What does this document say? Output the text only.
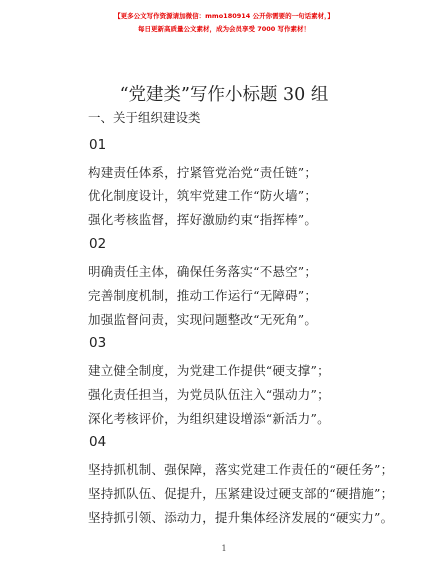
【更多公文写作资源请加微信：mmo180914 公开你需要的一句话素材，】
每日更新高质量公文素材，成为会员享受 7000 写作素材！
“党建类”写作小标题 30 组
一、关于组织建设类
01
构建责任体系，拧紧管党治党“责任链”；
优化制度设计，筑牢党建工作“防火墙”；
强化考核监督，挥好激励约束“指挥棒”。
02
明确责任主体，确保任务落实“不悬空”；
完善制度机制，推动工作运行“无障碍”；
加强监督问责，实现问题整改“无死角”。
03
建立健全制度，为党建工作提供“硬支撑”；
强化责任担当，为党员队伍注入“强动力”；
深化考核评价，为组织建设增添“新活力”。
04
坚持抓机制、强保障，落实党建工作责任的“硬任务”；
坚持抓队伍、促提升，压紧建设过硬支部的“硬措施”；
坚持抓引领、添动力，提升集体经济发展的“硬实力”。
1
